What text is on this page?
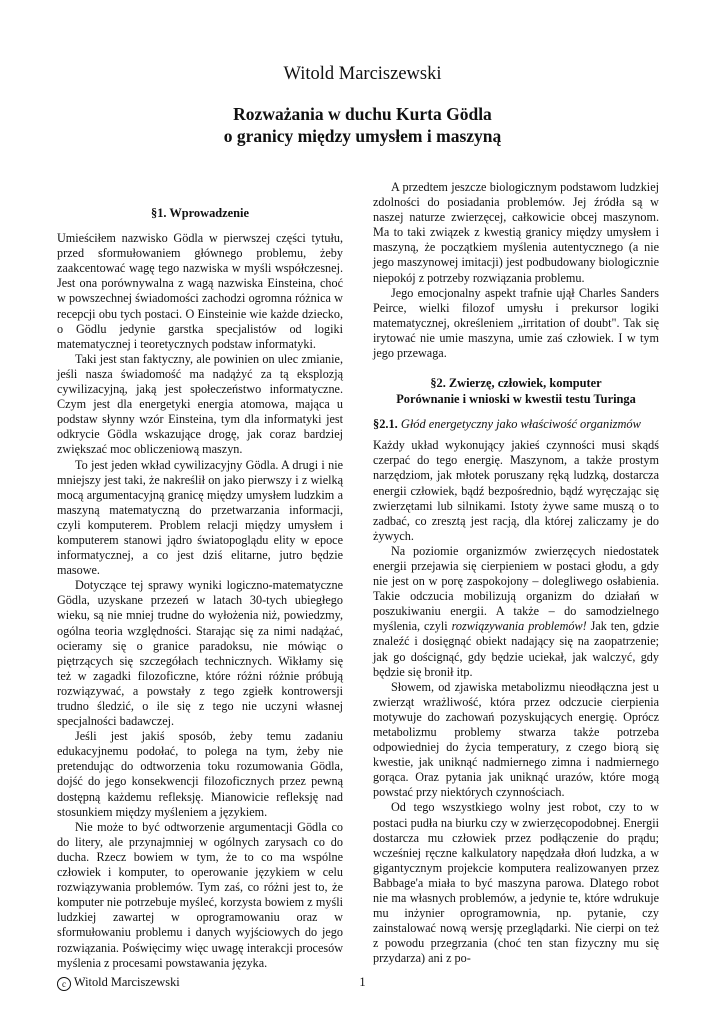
Witold Marciszewski
Rozważania w duchu Kurta Gödla
o granicy między umysłem i maszyną
§1. Wprowadzenie

Umieściłem nazwisko Gödla w pierwszej części tytułu, przed sformułowaniem głównego problemu, żeby zaakcentować wagę tego nazwiska w myśli współczesnej. Jest ona porównywalna z wagą nazwiska Einsteina, choć w powszechnej świadomości zachodzi ogromna różnica w recepcji obu tych postaci. O Einsteinie wie każde dziecko, o Gödlu jedynie garstka specjalistów od logiki matematycznej i teoretycznych podstaw informatyki.

Taki jest stan faktyczny, ale powinien on ulec zmianie, jeśli nasza świadomość ma nadążyć za tą eksplozją cywilizacyjną, jaką jest społeczeństwo informatyczne. Czym jest dla energetyki energia atomowa, mająca u podstaw słynny wzór Einsteina, tym dla informatyki jest odkrycie Gödla wskazujące drogę, jak coraz bardziej zwiększać moc obliczeniową maszyn.

To jest jeden wkład cywilizacyjny Gödla. A drugi i nie mniejszy jest taki, że nakreślił on jako pierwszy i z wielką mocą argumentacyjną granicę między umysłem ludzkim a maszyną matematyczną do przetwarzania informacji, czyli komputerem. Problem relacji między umysłem i komputerem stanowi jądro światopoglądu elity w epoce informatycznej, a co jest dziś elitarne, jutro będzie masowe.

Dotyczące tej sprawy wyniki logiczno-matematyczne Gödla, uzyskane przezeń w latach 30-tych ubiegłego wieku, są nie mniej trudne do wyłożenia niż, powiedzmy, ogólna teoria względności. Starając się za nimi nadążać, ocieramy się o granice paradoksu, nie mówiąc o piętrzących się szczegółach technicznych. Wikłamy się też w zagadki filozoficzne, które różni różnie próbują rozwiązywać, a powstały z tego zgiełk kontrowersji trudno śledzić, o ile się z tego nie uczyni własnej specjalności badawczej.

Jeśli jest jakiś sposób, żeby temu zadaniu edukacyjnemu podołać, to polega na tym, żeby nie pretendując do odtworzenia toku rozumowania Gödla, dojść do jego konsekwencji filozoficznych przez pewną dostępną każdemu refleksję. Mianowicie refleksję nad stosunkiem między myśleniem a językiem.

Nie może to być odtworzenie argumentacji Gödla co do litery, ale przynajmniej w ogólnych zarysach co do ducha. Rzecz bowiem w tym, że to co ma wspólne człowiek i komputer, to operowanie językiem w celu rozwiązywania problemów. Tym zaś, co różni jest to, że komputer nie potrzebuje myśleć, korzysta bowiem z myśli ludzkiej zawartej w oprogramowaniu oraz w sformułowaniu problemu i danych wyjściowych do jego rozwiązania. Poświęcimy więc uwagę interakcji procesów myślenia z procesami powstawania języka.

A przedtem jeszcze biologicznym podstawom ludzkiej zdolności do posiadania problemów. Jej źródła są w naszej naturze zwierzęcej, całkowicie obcej maszynom. Ma to taki związek z kwestią granicy między umysłem i maszyną, że początkiem myślenia autentycznego (a nie jego maszynowej imitacji) jest podbudowany biologicznie niepokój z potrzeby rozwiązania problemu.

Jego emocjonalny aspekt trafnie ujął Charles Sanders Peirce, wielki filozof umysłu i prekursor logiki matematycznej, określeniem „irritation of doubt". Tak się irytować nie umie maszyna, umie zaś człowiek. I w tym jego przewaga.

§2. Zwierzę, człowiek, komputer
Porównanie i wnioski w kwestii testu Turinga
§2.1. Głód energetyczny jako właściwość organizmów

Każdy układ wykonujący jakieś czynności musi skądś czerpać do tego energię. Maszynom, a także prostym narzędziom, jak młotek poruszany ręką ludzką, dostarcza energii człowiek, bądź bezpośrednio, bądź wyręczając się zwierzętami lub silnikami. Istoty żywe same muszą o to zadbać, co zresztą jest racją, dla której zaliczamy je do żywych.

Na poziomie organizmów zwierzęcych niedostatek energii przejawia się cierpieniem w postaci głodu, a gdy nie jest on w porę zaspokojony – dolegliwego osłabienia. Takie odczucia mobilizują organizm do działań w poszukiwaniu energii. A także – do samodzielnego myślenia, czyli rozwiązywania problemów! Jak ten, gdzie znaleźć i dosięgnąć obiekt nadający się na zaopatrzenie; jak go doścignąć, gdy będzie uciekał, jak walczyć, gdy będzie się bronił itp.

Słowem, od zjawiska metabolizmu nieodłączna jest u zwierząt wrażliwość, która przez odczucie cierpienia motywuje do zachowań pozyskujących energię. Oprócz metabolizmu problemy stwarza także potrzeba odpowiedniej do życia temperatury, z czego biorą się kwestie, jak uniknąć nadmiernego zimna i nadmiernego gorąca. Oraz pytania jak uniknąć urazów, które mogą powstać przy niektórych czynnościach.

Od tego wszystkiego wolny jest robot, czy to w postaci pudła na biurku czy w zwierzęcopodobnej. Energii dostarcza mu człowiek przez podłączenie do prądu; wcześniej ręczne kalkulatory napędzała dłoń ludzka, a w gigantycznym projekcie komputera realizowanyen przez Babbage'a miała to być maszyna parowa. Dlatego robot nie ma własnych problemów, a jedynie te, które wdrukuje mu inżynier oprogramownia, np. pytanie, czy zainstalować nową wersję przeglądarki. Nie cierpi on też z powodu przegrzania (choć ten stan fizyczny mu się przydarza) ani z po-

c Witold Marciszewski	1
